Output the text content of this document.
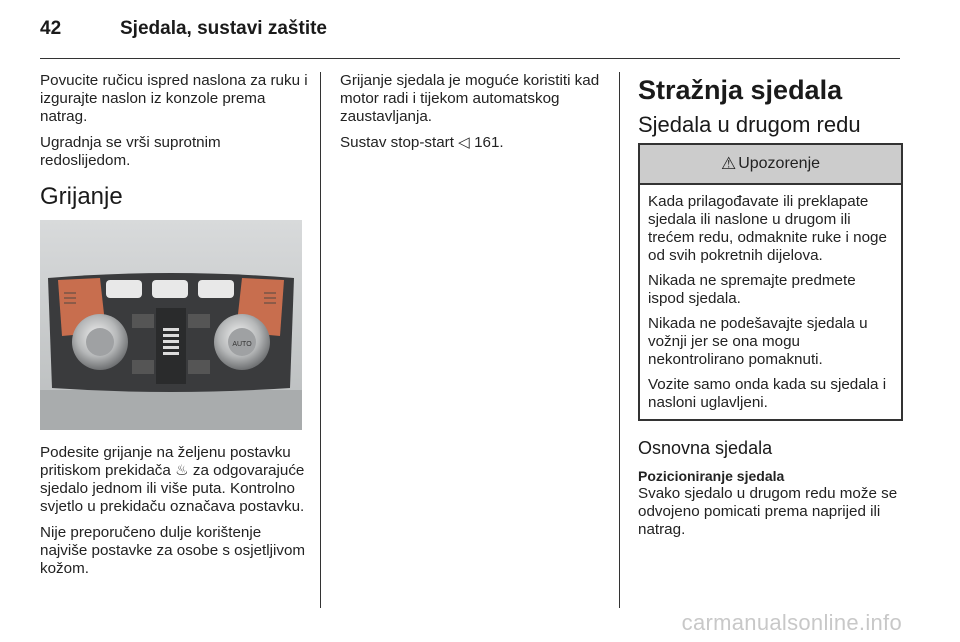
42	Sjedala, sustavi zaštite

Povucite ručicu ispred naslona za ruku i izgurajte naslon iz konzole prema natrag.

Ugradnja se vrši suprotnim redoslijedom.

Grijanje
AUTO

Podesite grijanje na željenu postavku pritiskom prekidača ♨ za odgovarajuće sjedalo jednom ili više puta. Kontrolno svjetlo u prekidaču označava postavku.

Nije preporučeno dulje korištenje najviše postavke za osobe s osjetljivom kožom.

Grijanje sjedala je moguće koristiti kad motor radi i tijekom automatskog zaustavljanja.

Sustav stop-start ◁ 161.

Stražnja sjedala
Sjedala u drugom redu
⚠ Upozorenje

Kada prilagođavate ili preklapate sjedala ili naslone u drugom ili trećem redu, odmaknite ruke i noge od svih pokretnih dijelova.

Nikada ne spremajte predmete ispod sjedala.

Nikada ne podešavajte sjedala u vožnji jer se ona mogu nekontrolirano pomaknuti.

Vozite samo onda kada su sjedala i nasloni uglavljeni.

Osnovna sjedala

Pozicioniranje sjedala

Svako sjedalo u drugom redu može se odvojeno pomicati prema naprijed ili natrag.

carmanualsonline.info
